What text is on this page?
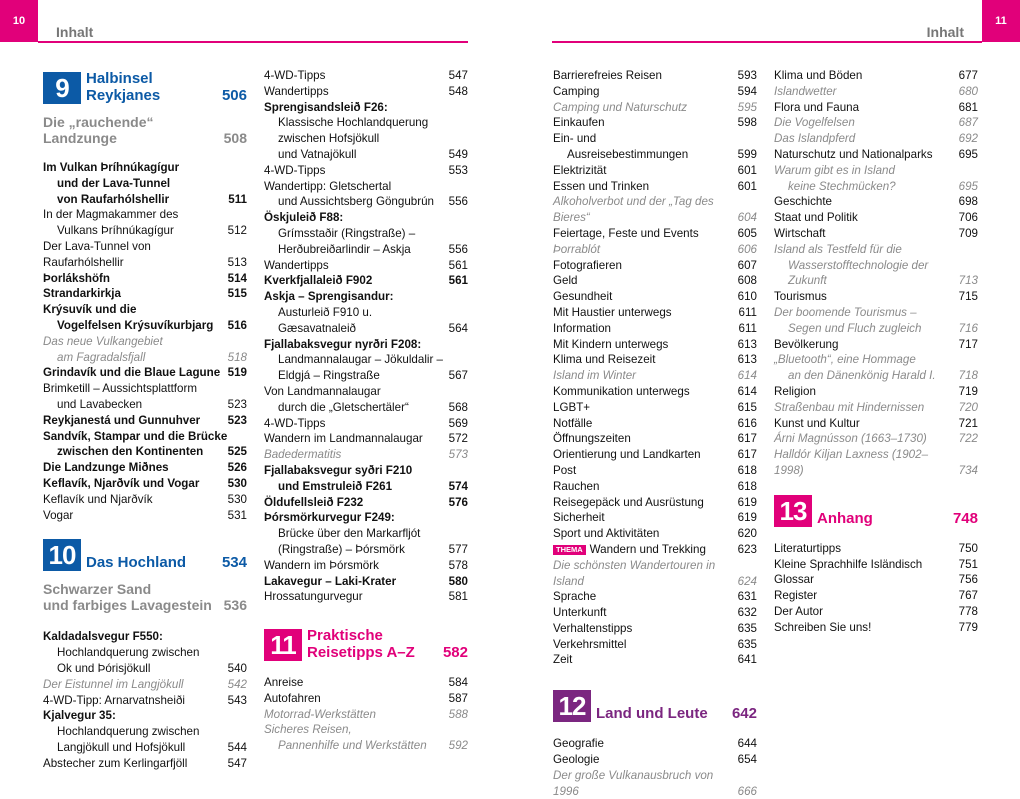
10
Inhalt
9	Halbinsel Reykjanes	506
Die „rauchende“ Landzunge	508
Im Vulkan Þríhnúkagígur
und der Lava-Tunnel
von Raufarhólshellir	511
In der Magmakammer des
Vulkans Þríhnúkagígur	512
Der Lava-Tunnel von Raufarhólshellir	513
Þorlákshöfn	514
Strandarkirkja	515
Krýsuvík und die
Vogelfelsen Krýsuvíkurbjarg	516
Das neue Vulkangebiet
am Fagradalsfjall	518
Grindavík und die Blaue Lagune 519
Brimketill – Aussichtsplattform
und Lavabecken	523
Reykjanestá und Gunnuhver	523
Sandvík, Stampar und die Brücke
zwischen den Kontinenten	525
Die Landzunge Miðnes	526
Keflavík, Njarðvík und Vogar	530
Keflavík und Njarðvík	530
Vogar	531
10 Das Hochland	534
Schwarzer Sand
und farbiges Lavagestein 536
Kaldadalsvegur F550:
Hochlandquerung zwischen
Ok und Þórisjökull	540
Der Eistunnel im Langjökull	542
4-WD-Tipp: Arnarvatnsheiði	543
Kjalvegur 35:
Hochlandquerung zwischen
Langjökull und Hofsjökull	544
Abstecher zum Kerlingarfjöll	547
4-WD-Tipps	547
Wandertipps	548
Sprengisandsleið F26:
Klassische Hochlandquerung
zwischen Hofsjökull
und Vatnajökull	549
4-WD-Tipps	553
Wandertipp: Gletschertal
und Aussichtsberg Göngubrún	556
Öskjuleið F88:
Grímsstaðir (Ringstraße) –
Herðubreiðarlindir – Askja	556
Wandertipps	561
Kverkfjallaleið F902	561
Askja – Sprengisandur:
Austurleið F910 u. Gæsavatnaleið	564
Fjallabaksvegur nyrðri F208:
Landmannalaugar – Jökuldalir –
Eldgjá – Ringstraße	567
Von Landmannalaugar
durch die „Gletschertäler“	568
4-WD-Tipps	569
Wandern im Landmannalaugar	572
Badedermatitis	573
Fjallabaksvegur syðri F210
und Emstruleið F261	574
Öldufellsleið F232	576
Þórsmörkurvegur F249:
Brücke über den Markarfljót
(Ringstraße) – Þórsmörk	577
Wandern im Þórsmörk	578
Lakavegur – Laki-Krater	580
Hrossatungurvegur	581
11 Praktische
Reisetipps A–Z	582
Anreise	584
Autofahren	587
Motorrad-Werkstätten	588
Sicheres Reisen,
Pannenhilfe und Werkstätten	592
11
Inhalt
Barrierefreies Reisen	593
Camping	594
Camping und Naturschutz	595
Einkaufen	598
Ein- und
Ausreisebestimmungen	599
Elektrizität	601
Essen und Trinken	601
Alkoholverbot und der „Tag des Bieres“	604
Feiertage, Feste und Events	605
Þorrablót	606
Fotografieren	607
Geld	608
Gesundheit	610
Mit Haustier unterwegs	611
Information	611
Mit Kindern unterwegs	613
Klima und Reisezeit	613
Island im Winter	614
Kommunikation unterwegs	614
LGBT+	615
Notfälle	616
Öffnungszeiten	617
Orientierung und Landkarten	617
Post	618
Rauchen	618
Reisegepäck und Ausrüstung	619
Sicherheit	619
Sport und Aktivitäten	620
THEMA Wandern und Trekking	623
Die schönsten Wandertouren in Island	624
Sprache	631
Unterkunft	632
Verhaltenstipps	635
Verkehrsmittel	635
Zeit	641
12 Land und Leute	642
Geografie	644
Geologie	654
Der große Vulkanausbruch von 1996	666
Klima und Böden	677
Islandwetter	680
Flora und Fauna	681
Die Vogelfelsen	687
Das Islandpferd	692
Naturschutz und Nationalparks	695
Warum gibt es in Island
keine Stechmücken?	695
Geschichte	698
Staat und Politik	706
Wirtschaft	709
Island als Testfeld für die
Wasserstofftechnologie der Zukunft	713
Tourismus	715
Der boomende Tourismus –
Segen und Fluch zugleich	716
Bevölkerung	717
„Bluetooth“, eine Hommage
an den Dänenkönig Harald I.	718
Religion	719
Straßenbau mit Hindernissen	720
Kunst und Kultur	721
Árni Magnússon (1663–1730)	722
Halldór Kiljan Laxness (1902–1998)	734
13 Anhang	748
Literaturtipps	750
Kleine Sprachhilfe Isländisch	751
Glossar	756
Register	767
Der Autor	778
Schreiben Sie uns!	779
